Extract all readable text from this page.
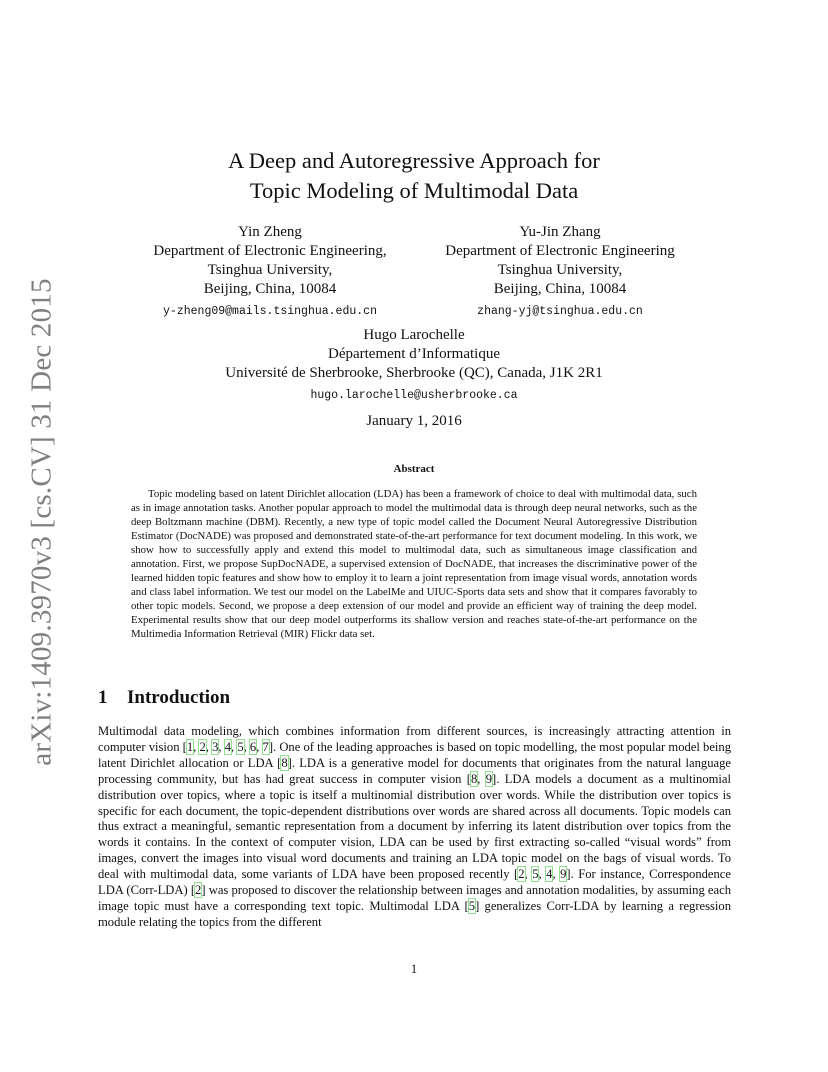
arXiv:1409.3970v3 [cs.CV] 31 Dec 2015
A Deep and Autoregressive Approach for
Topic Modeling of Multimodal Data
Yin Zheng
Department of Electronic Engineering,
Tsinghua University,
Beijing, China, 10084
y-zheng09@mails.tsinghua.edu.cn
Yu-Jin Zhang
Department of Electronic Engineering
Tsinghua University,
Beijing, China, 10084
zhang-yj@tsinghua.edu.cn
Hugo Larochelle
Département d’Informatique
Université de Sherbrooke, Sherbrooke (QC), Canada, J1K 2R1
hugo.larochelle@usherbrooke.ca
January 1, 2016
Abstract
Topic modeling based on latent Dirichlet allocation (LDA) has been a framework of choice to deal with multimodal data, such as in image annotation tasks. Another popular approach to model the multimodal data is through deep neural networks, such as the deep Boltzmann machine (DBM). Recently, a new type of topic model called the Document Neural Autoregressive Distribution Estimator (DocNADE) was proposed and demonstrated state-of-the-art performance for text document modeling. In this work, we show how to successfully apply and extend this model to multimodal data, such as simultaneous image classification and annotation. First, we propose SupDocNADE, a supervised extension of DocNADE, that increases the discriminative power of the learned hidden topic features and show how to employ it to learn a joint representation from image visual words, annotation words and class label information. We test our model on the LabelMe and UIUC-Sports data sets and show that it compares favorably to other topic models. Second, we propose a deep extension of our model and provide an efficient way of training the deep model. Experimental results show that our deep model outperforms its shallow version and reaches state-of-the-art performance on the Multimedia Information Retrieval (MIR) Flickr data set.
1 Introduction
Multimodal data modeling, which combines information from different sources, is increasingly attracting attention in computer vision [1, 2, 3, 4, 5, 6, 7]. One of the leading approaches is based on topic modelling, the most popular model being latent Dirichlet allocation or LDA [8]. LDA is a generative model for documents that originates from the natural language processing community, but has had great success in computer vision [8, 9]. LDA models a document as a multinomial distribution over topics, where a topic is itself a multinomial distribution over words. While the distribution over topics is specific for each document, the topic-dependent distributions over words are shared across all documents. Topic models can thus extract a meaningful, semantic representation from a document by inferring its latent distribution over topics from the words it contains. In the context of computer vision, LDA can be used by first extracting so-called “visual words” from images, convert the images into visual word documents and training an LDA topic model on the bags of visual words. To deal with multimodal data, some variants of LDA have been proposed recently [2, 5, 4, 9]. For instance, Correspondence LDA (Corr-LDA) [2] was proposed to discover the relationship between images and annotation modalities, by assuming each image topic must have a corresponding text topic. Multimodal LDA [5] generalizes Corr-LDA by learning a regression module relating the topics from the different
1
